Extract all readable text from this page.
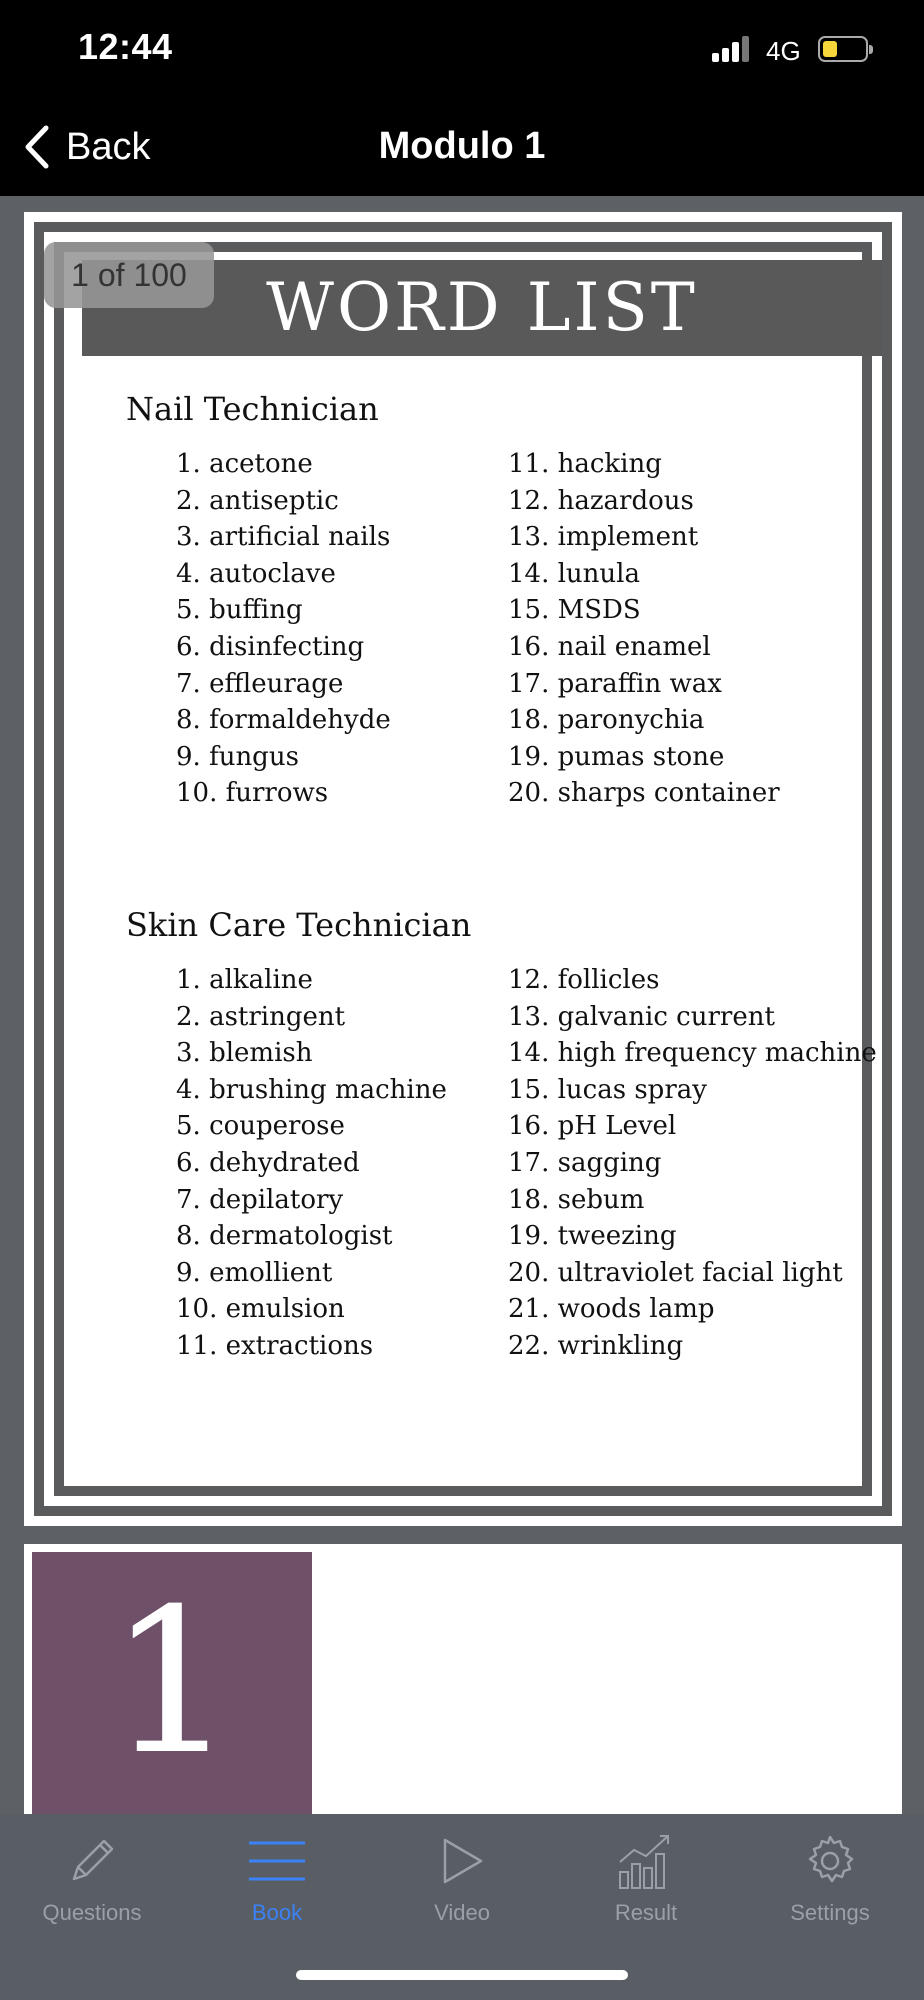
12:44	4G
Back	Modulo 1
WORD LIST
Nail Technician
1. acetone
2. antiseptic
3. artificial nails
4. autoclave
5. buffing
6. disinfecting
7. effleurage
8. formaldehyde
9. fungus
10. furrows
11. hacking
12. hazardous
13. implement
14. lunula
15. MSDS
16. nail enamel
17. paraffin wax
18. paronychia
19. pumas stone
20. sharps container
Skin Care Technician
1. alkaline
2. astringent
3. blemish
4. brushing machine
5. couperose
6. dehydrated
7. depilatory
8. dermatologist
9. emollient
10. emulsion
11. extractions
12. follicles
13. galvanic current
14. high frequency machine
15. lucas spray
16. pH Level
17. sagging
18. sebum
19. tweezing
20. ultraviolet facial light
21. woods lamp
22. wrinkling
1 of 100
1
Questions	Book	Video	Result	Settings
